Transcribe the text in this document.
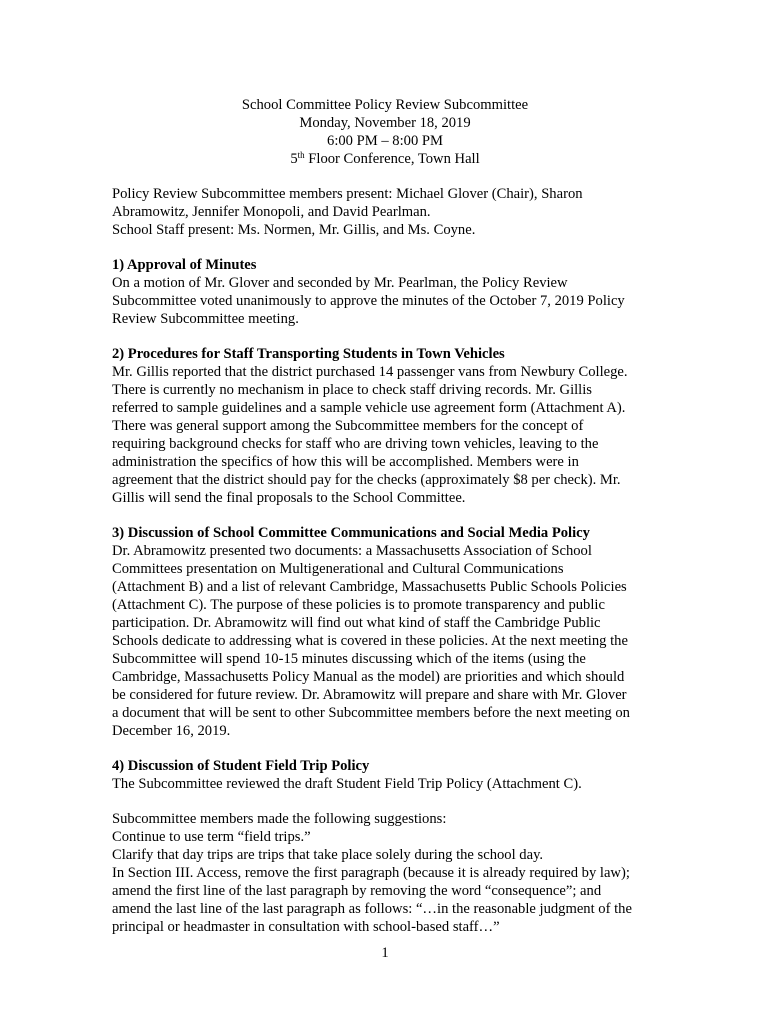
School Committee Policy Review Subcommittee
Monday, November 18, 2019
6:00 PM – 8:00 PM
5th Floor Conference, Town Hall

Policy Review Subcommittee members present: Michael Glover (Chair), Sharon
Abramowitz, Jennifer Monopoli, and David Pearlman.
School Staff present: Ms. Normen, Mr. Gillis, and Ms. Coyne.

1) Approval of Minutes
On a motion of Mr. Glover and seconded by Mr. Pearlman, the Policy Review
Subcommittee voted unanimously to approve the minutes of the October 7, 2019 Policy
Review Subcommittee meeting.

2) Procedures for Staff Transporting Students in Town Vehicles
Mr. Gillis reported that the district purchased 14 passenger vans from Newbury College.
There is currently no mechanism in place to check staff driving records. Mr. Gillis
referred to sample guidelines and a sample vehicle use agreement form (Attachment A).
There was general support among the Subcommittee members for the concept of
requiring background checks for staff who are driving town vehicles, leaving to the
administration the specifics of how this will be accomplished. Members were in
agreement that the district should pay for the checks (approximately $8 per check). Mr.
Gillis will send the final proposals to the School Committee.

3) Discussion of School Committee Communications and Social Media Policy
Dr. Abramowitz presented two documents: a Massachusetts Association of School
Committees presentation on Multigenerational and Cultural Communications
(Attachment B) and a list of relevant Cambridge, Massachusetts Public Schools Policies
(Attachment C). The purpose of these policies is to promote transparency and public
participation. Dr. Abramowitz will find out what kind of staff the Cambridge Public
Schools dedicate to addressing what is covered in these policies. At the next meeting the
Subcommittee will spend 10-15 minutes discussing which of the items (using the
Cambridge, Massachusetts Policy Manual as the model) are priorities and which should
be considered for future review. Dr. Abramowitz will prepare and share with Mr. Glover
a document that will be sent to other Subcommittee members before the next meeting on
December 16, 2019.

4) Discussion of Student Field Trip Policy
The Subcommittee reviewed the draft Student Field Trip Policy (Attachment C).

Subcommittee members made the following suggestions:
Continue to use term “field trips.”
Clarify that day trips are trips that take place solely during the school day.
In Section III. Access, remove the first paragraph (because it is already required by law);
amend the first line of the last paragraph by removing the word “consequence”; and
amend the last line of the last paragraph as follows: “…in the reasonable judgment of the
principal or headmaster in consultation with school-based staff…”

1
